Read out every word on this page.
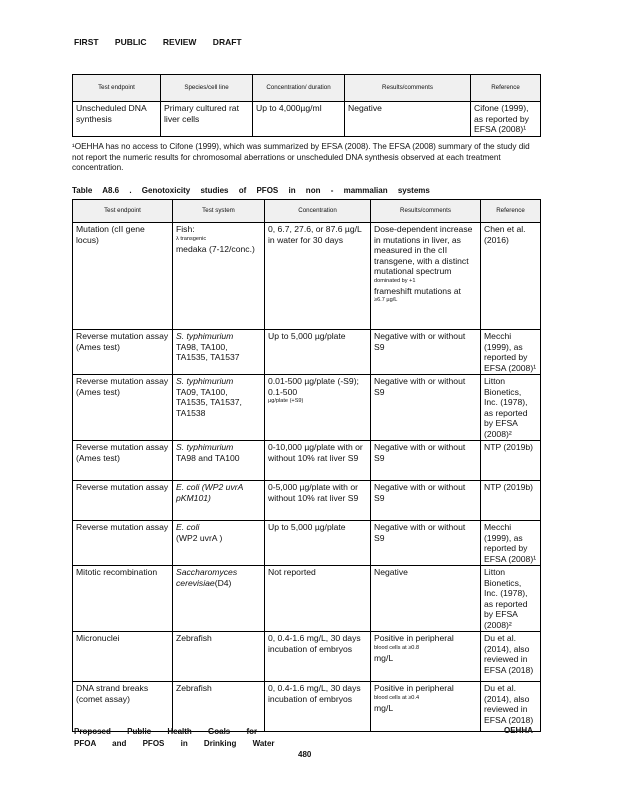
FIRST PUBLIC REVIEW DRAFT
Test endpoint	Species/cell line	Concentration/ duration	Results/comments	Reference
Unscheduled DNA synthesis	Primary cultured rat liver cells	Up to 4,000µg/ml	Negative	Cifone (1999), as reported by EFSA (2008)¹
¹OEHHA has no access to Cifone (1999), which was summarized by EFSA (2008). The EFSA (2008) summary of the study did not report the numeric results for chromosomal aberrations or unscheduled DNA synthesis observed at each treatment concentration.
Table A8.6 . Genotoxicity studies of PFOS in non - mammalian systems
Test endpoint	Test system	Concentration	Results/comments	Reference
Mutation (cII gene locus)	Fish:
λ transgenic
medaka (7-12/conc.)	0, 6.7, 27.6, or 87.6 µg/L in water for 30 days	Dose-dependent increase in mutations in liver, as measured in the cII transgene, with a distinct mutational spectrum
dominated by +1
frameshift mutations at
≥6.7 µg/L	Chen et al. (2016)
Reverse mutation assay (Ames test)	S. typhimurium
TA98, TA100, TA1535, TA1537	Up to 5,000 µg/plate	Negative with or without S9	Mecchi (1999), as reported by EFSA (2008)¹
Reverse mutation assay (Ames test)	S. typhimurium
TA09, TA100, TA1535, TA1537, TA1538	0.01-500 µg/plate (-S9); 0.1-500
µg/plate (+S9)	Negative with or without S9	Litton Bionetics, Inc. (1978), as reported by EFSA (2008)²
Reverse mutation assay (Ames test)	S. typhimurium
TA98 and TA100	0-10,000 µg/plate with or without 10% rat liver S9	Negative with or without S9	NTP (2019b)
Reverse mutation assay	E. coli (WP2 uvrA pKM101)	0-5,000 µg/plate with or without 10% rat liver S9	Negative with or without S9	NTP (2019b)
Reverse mutation assay	E. coli
(WP2 uvrA )	Up to 5,000 µg/plate	Negative with or without S9	Mecchi (1999), as reported by EFSA (2008)¹
Mitotic recombination	Saccharomyces cerevisiae(D4)	Not reported	Negative	Litton Bionetics, Inc. (1978), as reported by EFSA (2008)²
Micronuclei	Zebrafish	0, 0.4-1.6 mg/L, 30 days incubation of embryos	Positive in peripheral
blood cells at ≥0.8
mg/L	Du et al. (2014), also reviewed in EFSA (2018)
DNA strand breaks (comet assay)	Zebrafish	0, 0.4-1.6 mg/L, 30 days incubation of embryos	Positive in peripheral
blood cells at ≥0.4
mg/L	Du et al. (2014), also reviewed in EFSA (2018)
Proposed Public Health Goals for
PFOA and PFOS in Drinking Water
OEHHA
480
